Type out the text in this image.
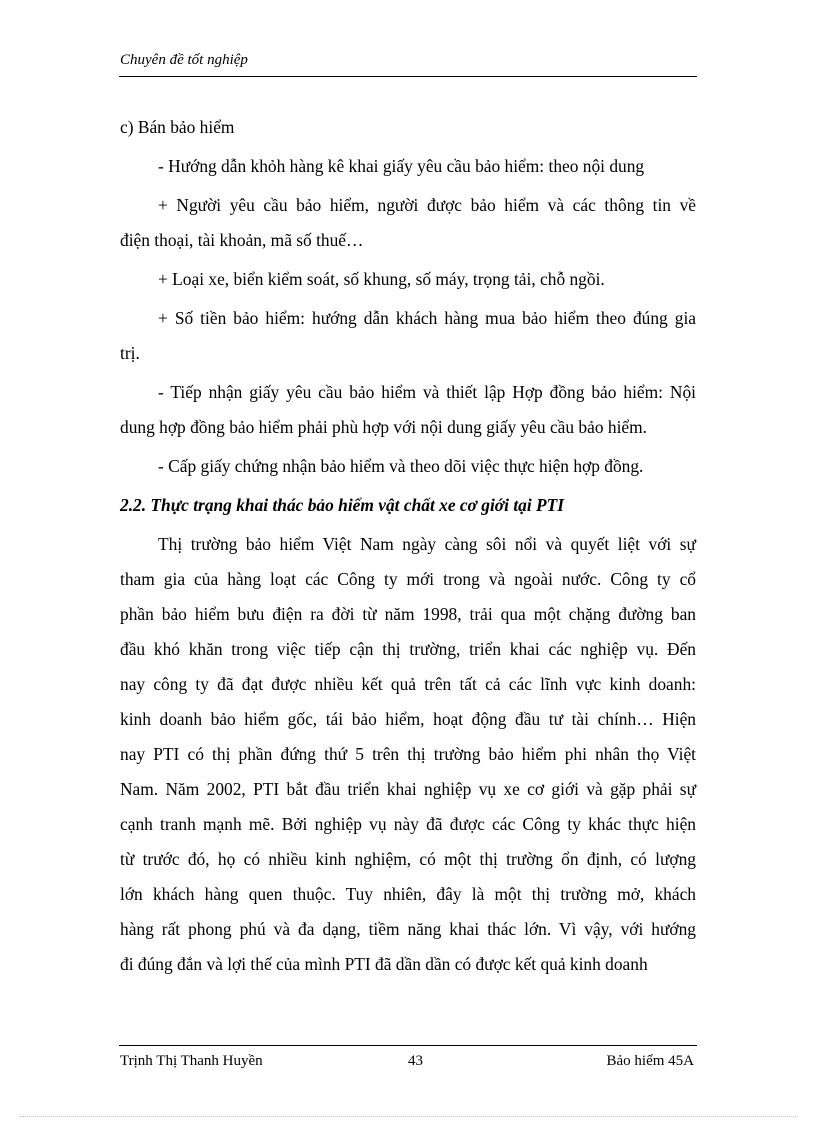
Chuyên đề tốt nghiệp

c) Bán bảo hiểm

- Hướng dẫn khỏh hàng kê khai giấy yêu cầu bảo hiểm: theo nội dung

+ Người yêu cầu bảo hiểm, người được bảo hiểm và các thông tin về
điện thoại, tài khoản, mã số thuế…

+ Loại xe, biển kiểm soát, số khung, số máy, trọng tải, chỗ ngồi.

+ Số tiền bảo hiểm: hướng dẫn khách hàng mua bảo hiểm theo đúng gia
trị.

- Tiếp nhận giấy yêu cầu bảo hiểm và thiết lập Hợp đồng bảo hiểm: Nội
dung hợp đồng bảo hiểm phải phù hợp với nội dung giấy yêu cầu bảo hiểm.

- Cấp giấy chứng nhận bảo hiểm và theo dõi việc thực hiện hợp đồng.

2.2. Thực trạng khai thác bảo hiểm vật chất xe cơ giới tại PTI

Thị trường bảo hiểm Việt Nam ngày càng sôi nổi và quyết liệt với sự
tham gia của hàng loạt các Công ty mới trong và ngoài nước. Công ty cổ
phần bảo hiểm bưu điện ra đời từ năm 1998, trải qua một chặng đường ban
đầu khó khăn trong việc tiếp cận thị trường, triển khai các nghiệp vụ. Đến
nay công ty đã đạt được nhiều kết quả trên tất cả các lĩnh vực kinh doanh:
kinh doanh bảo hiểm gốc, tái bảo hiểm, hoạt động đầu tư tài chính… Hiện
nay PTI có thị phần đứng thứ 5 trên thị trường bảo hiểm phi nhân thọ Việt
Nam. Năm 2002, PTI bắt đầu triển khai nghiệp vụ xe cơ giới và gặp phải sự
cạnh tranh mạnh mẽ. Bởi nghiệp vụ này đã được các Công ty khác thực hiện
từ trước đó, họ có nhiều kinh nghiệm, có một thị trường ổn định, có lượng
lớn khách hàng quen thuộc. Tuy nhiên, đây là một thị trường mở, khách
hàng rất phong phú và đa dạng, tiềm năng khai thác lớn. Vì vậy, với hướng
đi đúng đắn và lợi thế của mình PTI đã dần dần có được kết quả kinh doanh

Trịnh Thị Thanh Huyền	43	Bảo hiểm 45A
